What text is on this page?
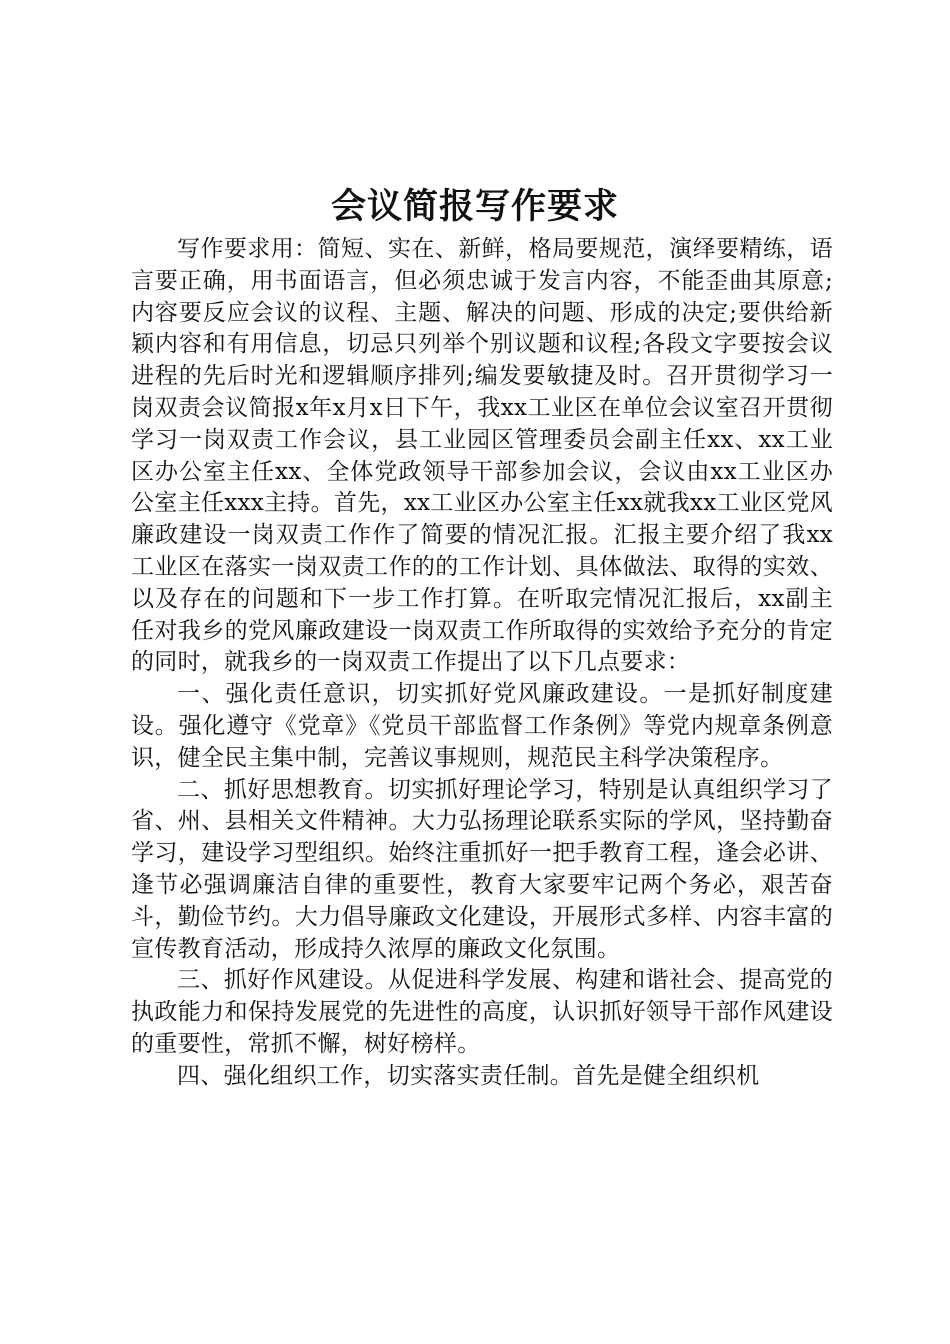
会议简报写作要求

写作要求用：简短、实在、新鲜，格局要规范，演绎要精练，语言要正确，用书面语言，但必须忠诚于发言内容，不能歪曲其原意;内容要反应会议的议程、主题、解决的问题、形成的决定;要供给新颖内容和有用信息，切忌只列举个别议题和议程;各段文字要按会议进程的先后时光和逻辑顺序排列;编发要敏捷及时。召开贯彻学习一岗双责会议简报x年x月x日下午，我xx工业区在单位会议室召开贯彻学习一岗双责工作会议，县工业园区管理委员会副主任xx、xx工业区办公室主任xx、全体党政领导干部参加会议，会议由xx工业区办公室主任xxx主持。首先，xx工业区办公室主任xx就我xx工业区党风廉政建设一岗双责工作作了简要的情况汇报。汇报主要介绍了我xx工业区在落实一岗双责工作的的工作计划、具体做法、取得的实效、以及存在的问题和下一步工作打算。在听取完情况汇报后，xx副主任对我乡的党风廉政建设一岗双责工作所取得的实效给予充分的肯定的同时，就我乡的一岗双责工作提出了以下几点要求：

一、强化责任意识，切实抓好党风廉政建设。一是抓好制度建设。强化遵守《党章》《党员干部监督工作条例》等党内规章条例意识，健全民主集中制，完善议事规则，规范民主科学决策程序。

二、抓好思想教育。切实抓好理论学习，特别是认真组织学习了省、州、县相关文件精神。大力弘扬理论联系实际的学风，坚持勤奋学习，建设学习型组织。始终注重抓好一把手教育工程，逢会必讲、逢节必强调廉洁自律的重要性，教育大家要牢记两个务必，艰苦奋斗，勤俭节约。大力倡导廉政文化建设，开展形式多样、内容丰富的宣传教育活动，形成持久浓厚的廉政文化氛围。

三、抓好作风建设。从促进科学发展、构建和谐社会、提高党的执政能力和保持发展党的先进性的高度，认识抓好领导干部作风建设的重要性，常抓不懈，树好榜样。

四、强化组织工作，切实落实责任制。首先是健全组织机
